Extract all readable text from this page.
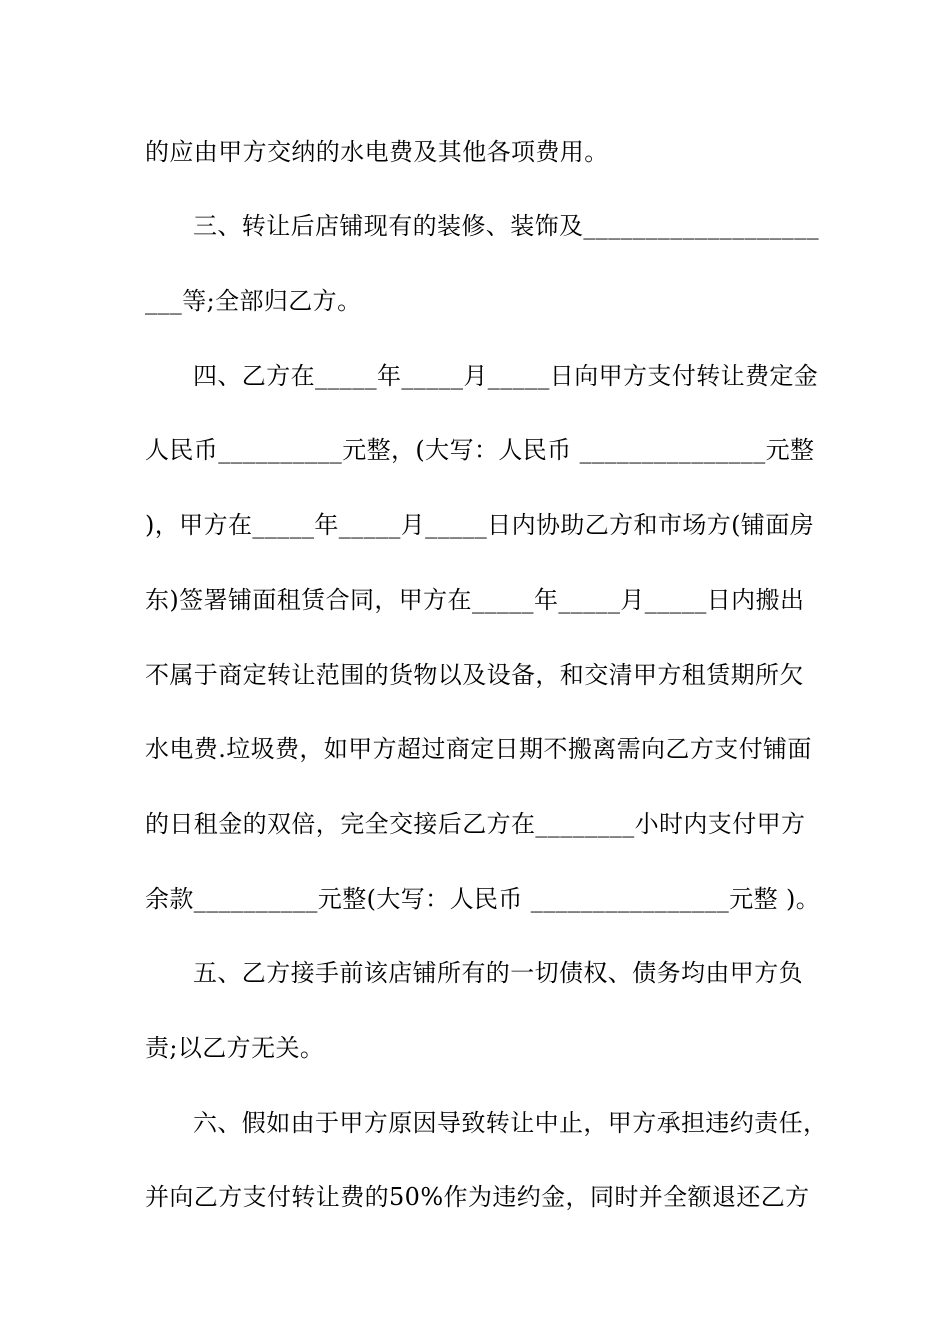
的应由甲方交纳的水电费及其他各项费用。
三、转让后店铺现有的装修、装饰及___________________
___等;全部归乙方。
四、乙方在_____年_____月_____日向甲方支付转让费定金
人民币__________元整，(大写：人民币 _______________元整
)，甲方在_____年_____月_____日内协助乙方和市场方(铺面房
东)签署铺面租赁合同，甲方在_____年_____月_____日内搬出
不属于商定转让范围的货物以及设备，和交清甲方租赁期所欠
水电费.垃圾费，如甲方超过商定日期不搬离需向乙方支付铺面
的日租金的双倍，完全交接后乙方在________小时内支付甲方
余款__________元整(大写：人民币 ________________元整 )。
五、乙方接手前该店铺所有的一切债权、债务均由甲方负
责;以乙方无关。
六、假如由于甲方原因导致转让中止，甲方承担违约责任，
并向乙方支付转让费的50%作为违约金，同时并全额退还乙方
